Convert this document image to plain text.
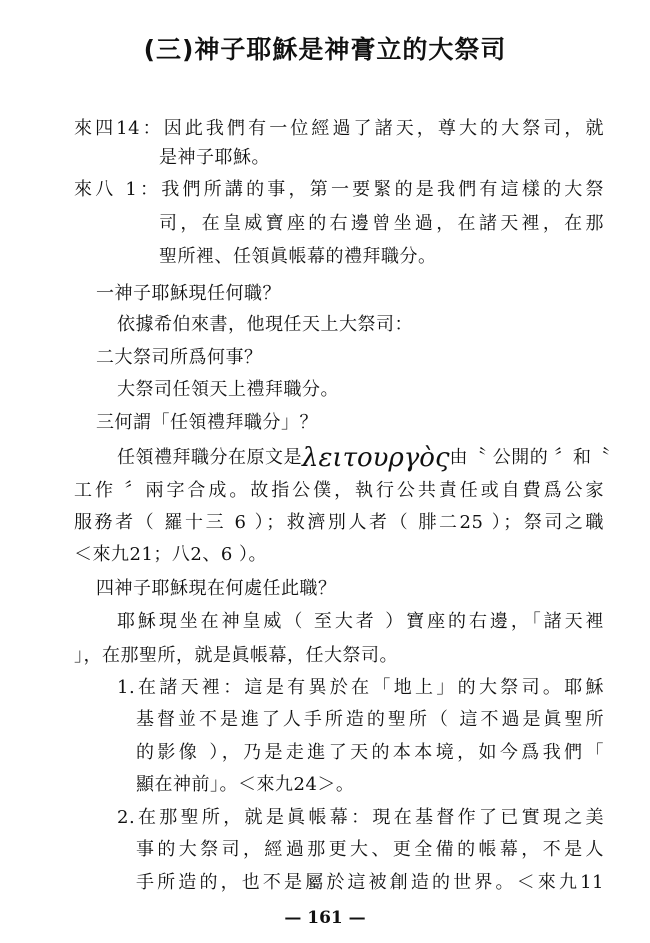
(三)神子耶穌是神膏立的大祭司
來四14：因此我們有一位經過了諸天，尊大的大祭司，就
是神子耶穌。
來八 1：我們所講的事，第一要緊的是我們有這樣的大祭
司，在皇威寶座的右邊曾坐過，在諸天裡，在那
聖所裡、任領眞帳幕的禮拜職分。
一神子耶穌現任何職？
依據希伯來書，他現任天上大祭司：
二大祭司所爲何事？
大祭司任領天上禮拜職分。
三何謂「任領禮拜職分」？
任領禮拜職分在原文是λειτουργὸς由〝 公開的 〞和〝
工作 〞兩字合成。故指公僕，執行公共責任或自費爲公家
服務者（ 羅十三 6 ）；救濟別人者（ 腓二25 ）；祭司之職
＜來九21；八2、6 ）。
四神子耶穌現在何處任此職？
耶穌現坐在神皇威（ 至大者 ）寶座的右邊，「諸天裡
」，在那聖所，就是眞帳幕，任大祭司。
1.在諸天裡：這是有異於在「地上」的大祭司。耶穌
基督並不是進了人手所造的聖所（ 這不過是眞聖所
的影像 ），乃是走進了天的本本境，如今爲我們「
顯在神前」。＜來九24＞。
2.在那聖所，就是眞帳幕：現在基督作了已實現之美
事的大祭司，經過那更大、更全備的帳幕，不是人
手所造的，也不是屬於這被創造的世界。＜來九11
— 161 —
